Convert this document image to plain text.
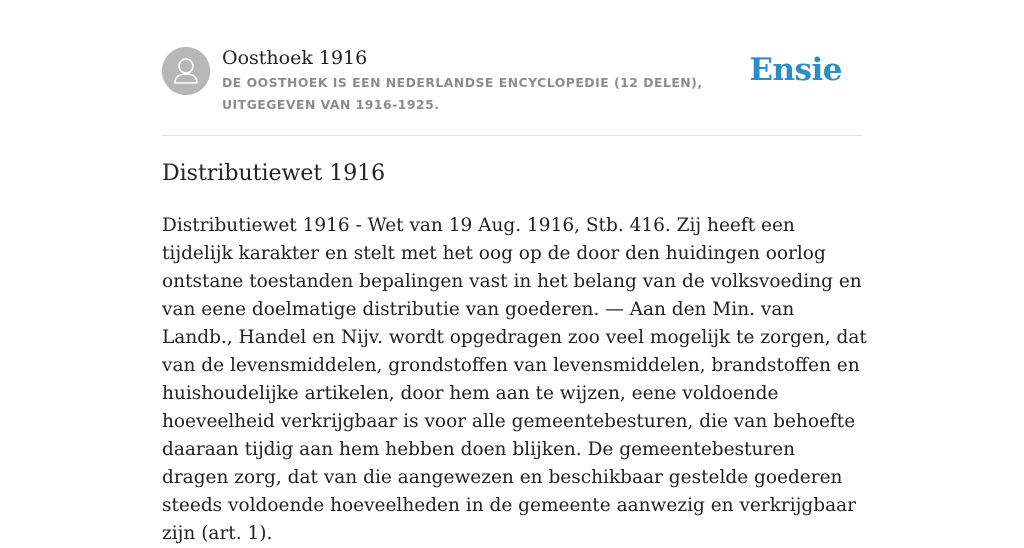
Oosthoek 1916

DE OOSTHOEK IS EEN NEDERLANDSE ENCYCLOPEDIE (12 DELEN), UITGEGEVEN VAN 1916-1925.

Ensie
Distributiewet 1916

Distributiewet 1916 - Wet van 19 Aug. 1916, Stb. 416. Zij heeft een tijdelijk karakter en stelt met het oog op de door den huidingen oorlog ontstane toestanden bepalingen vast in het belang van de volksvoeding en van eene doelmatige distributie van goederen. — Aan den Min. van Landb., Handel en Nijv. wordt opgedragen zoo veel mogelijk te zorgen, dat van de levensmiddelen, grondstoffen van levensmiddelen, brandstoffen en huishoudelijke artikelen, door hem aan te wijzen, eene voldoende hoeveelheid verkrijgbaar is voor alle gemeentebesturen, die van behoefte daaraan tijdig aan hem hebben doen blijken. De gemeentebesturen dragen zorg, dat van die aangewezen en beschikbaar gestelde goederen steeds voldoende hoeveelheden in de gemeente aanwezig en verkrijgbaar zijn (art. 1).
